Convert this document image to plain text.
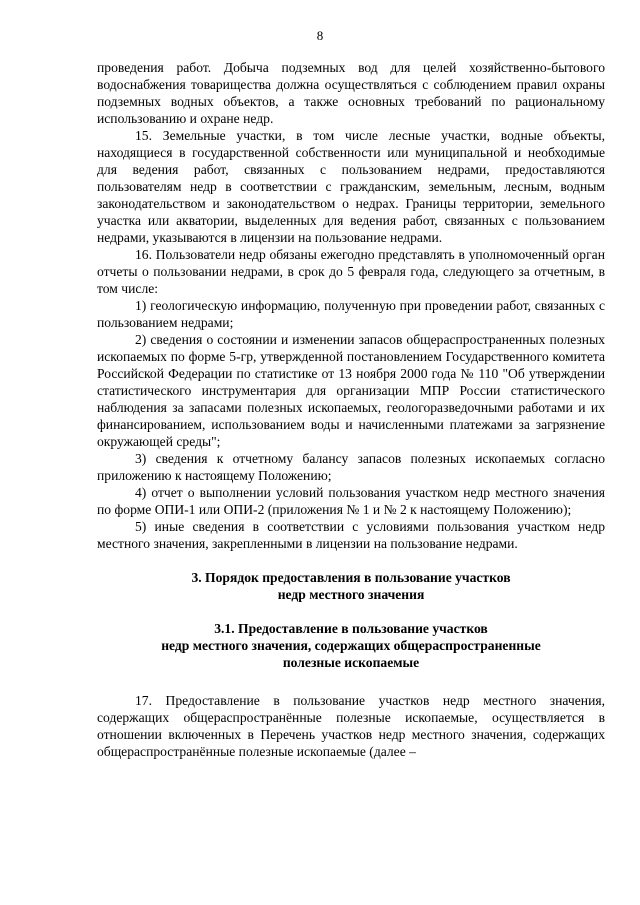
8

проведения работ. Добыча подземных вод для целей хозяйственно-бытового водоснабжения товарищества должна осуществляться с соблюдением правил охраны подземных водных объектов, а также основных требований по рациональному использованию и охране недр.

15. Земельные участки, в том числе лесные участки, водные объекты, находящиеся в государственной собственности или муниципальной и необходимые для ведения работ, связанных с пользованием недрами, предоставляются пользователям недр в соответствии с гражданским, земельным, лесным, водным законодательством и законодательством о недрах. Границы территории, земельного участка или акватории, выделенных для ведения работ, связанных с пользованием недрами, указываются в лицензии на пользование недрами.

16. Пользователи недр обязаны ежегодно представлять в уполномоченный орган отчеты о пользовании недрами, в срок до 5 февраля года, следующего за отчетным, в том числе:

1) геологическую информацию, полученную при проведении работ, связанных с пользованием недрами;

2) сведения о состоянии и изменении запасов общераспространенных полезных ископаемых по форме 5-гр, утвержденной постановлением Государственного комитета Российской Федерации по статистике от 13 ноября 2000 года № 110 "Об утверждении статистического инструментария для организации МПР России статистического наблюдения за запасами полезных ископаемых, геологоразведочными работами и их финансированием, использованием воды и начисленными платежами за загрязнение окружающей среды";

3) сведения к отчетному балансу запасов полезных ископаемых согласно приложению к настоящему Положению;

4) отчет о выполнении условий пользования участком недр местного значения по форме ОПИ-1 или ОПИ-2 (приложения № 1 и № 2 к настоящему Положению);

5) иные сведения в соответствии с условиями пользования участком недр местного значения, закрепленными в лицензии на пользование недрами.

3. Порядок предоставления в пользование участков

недр местного значения

3.1. Предоставление в пользование участков

недр местного значения, содержащих общераспространенные

полезные ископаемые

17. Предоставление в пользование участков недр местного значения, содержащих общераспространённые полезные ископаемые, осуществляется в отношении включенных в Перечень участков недр местного значения, содержащих общераспространённые полезные ископаемые (далее –
